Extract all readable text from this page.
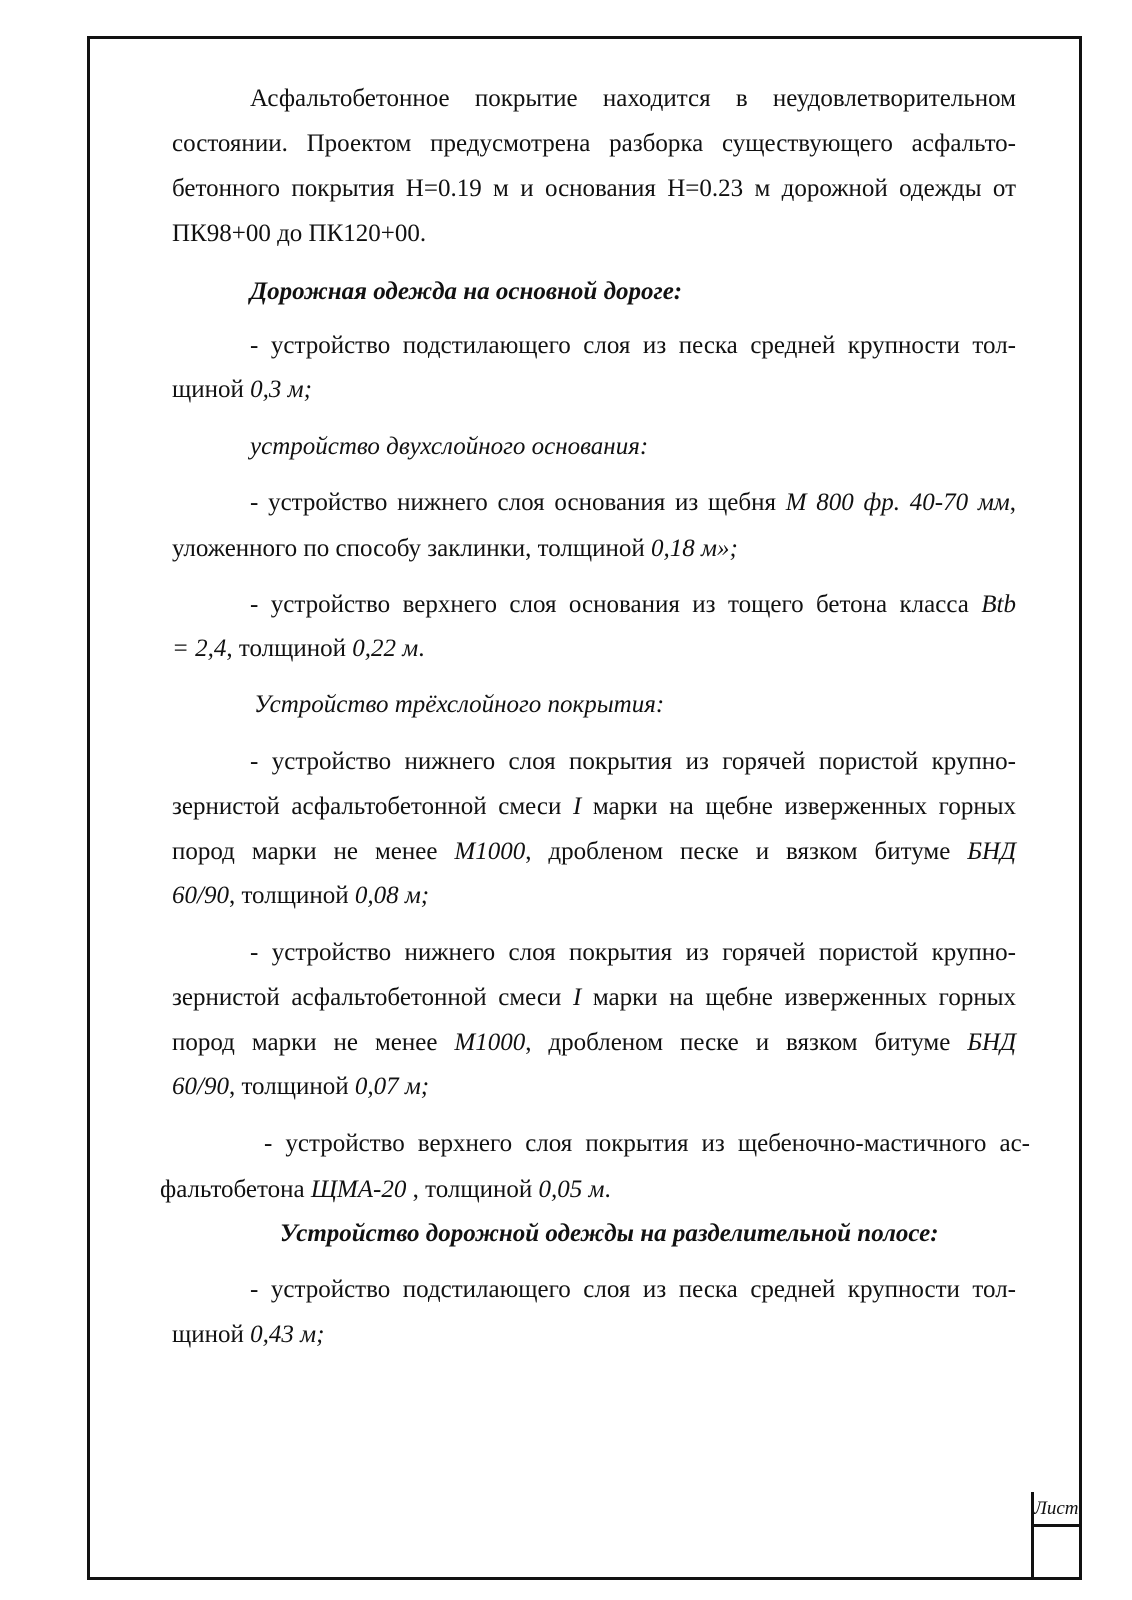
Асфальтобетонное покрытие находится в неудовлетворительном

состоянии. Проектом предусмотрена разборка существующего асфальто-

бетонного покрытия Н=0.19 м и основания Н=0.23 м дорожной одежды от

ПК98+00 до ПК120+00.

Дорожная одежда на основной дороге:

- устройство подстилающего слоя из песка средней крупности тол-

щиной 0,3 м;

устройство двухслойного основания:

- устройство нижнего слоя основания из щебня М 800 фр. 40-70 мм,

уложенного по способу заклинки, толщиной 0,18 м»;

- устройство верхнего слоя основания из тощего бетона класса Btb

= 2,4, толщиной 0,22 м.

Устройство трёхслойного покрытия:

- устройство нижнего слоя покрытия из горячей пористой крупно-

зернистой асфальтобетонной смеси I марки на щебне изверженных горных

пород марки не менее М1000, дробленом песке и вязком битуме БНД

60/90, толщиной 0,08 м;

- устройство нижнего слоя покрытия из горячей пористой крупно-

зернистой асфальтобетонной смеси I марки на щебне изверженных горных

пород марки не менее М1000, дробленом песке и вязком битуме БНД

60/90, толщиной 0,07 м;

- устройство верхнего слоя покрытия из щебеночно-мастичного ас-

фальтобетона ЩМА-20 , толщиной 0,05 м.

Устройство дорожной одежды на разделительной полосе:

- устройство подстилающего слоя из песка средней крупности тол-

щиной 0,43 м;

Лист
